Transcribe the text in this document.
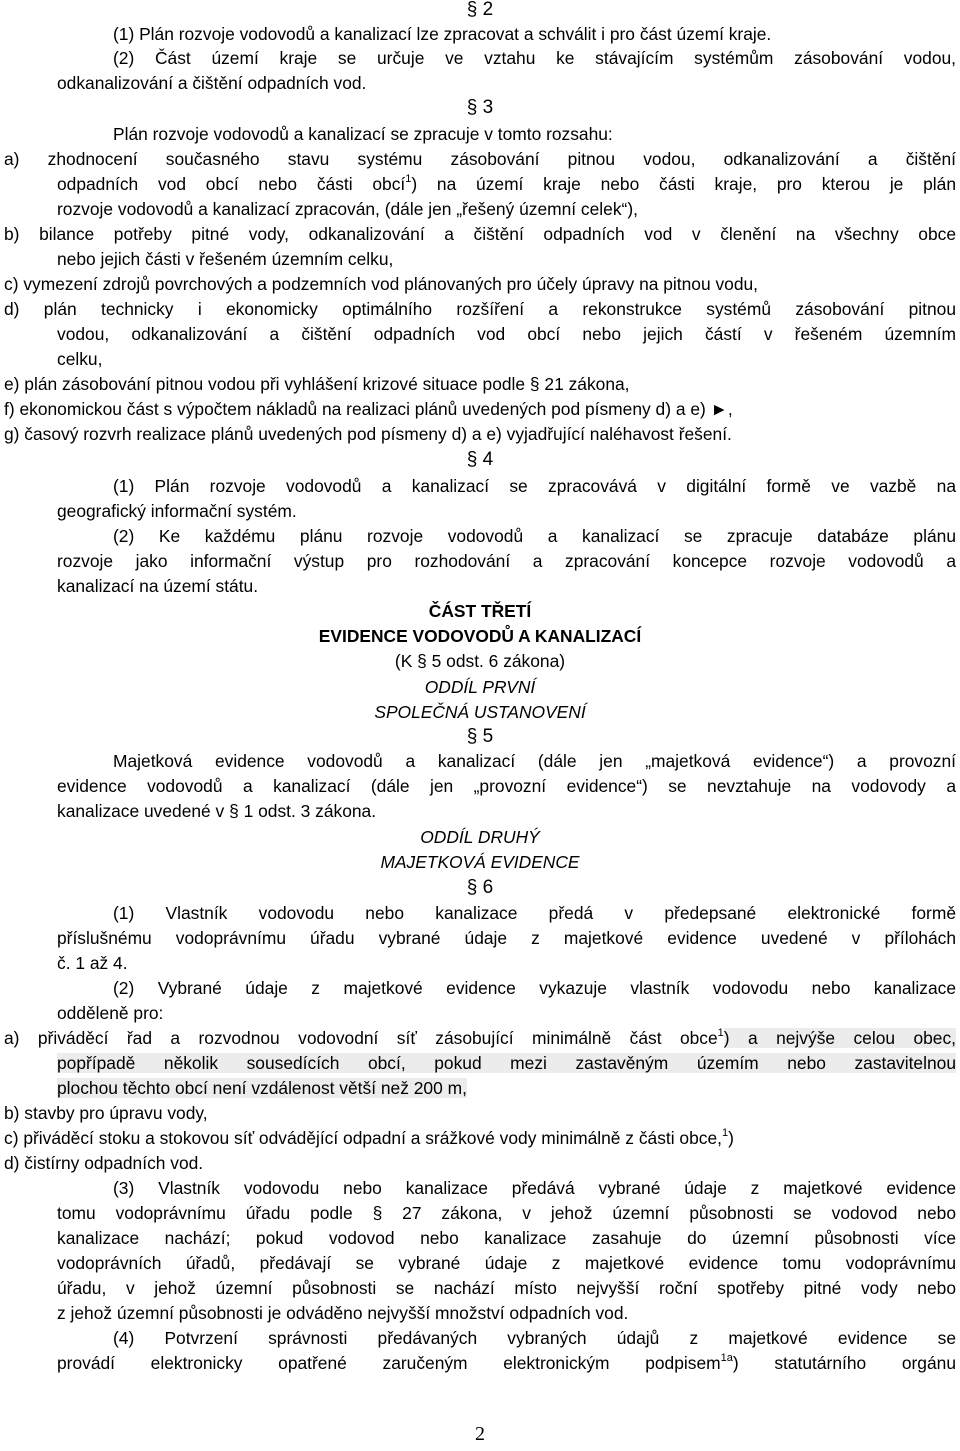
§ 2
(1) Plán rozvoje vodovodů a kanalizací lze zpracovat a schválit i pro část území kraje.
(2) Část území kraje se určuje ve vztahu ke stávajícím systémům zásobování vodou,
odkanalizování a čištění odpadních vod.
§ 3
Plán rozvoje vodovodů a kanalizací se zpracuje v tomto rozsahu:
a) zhodnocení současného stavu systému zásobování pitnou vodou, odkanalizování a čištění
odpadních vod obcí nebo části obcí$^1$) na území kraje nebo části kraje, pro kterou je plán
rozvoje vodovodů a kanalizací zpracován, (dále jen „řešený územní celek“),
b) bilance potřeby pitné vody, odkanalizování a čištění odpadních vod v členění na všechny obce
nebo jejich části v řešeném územním celku,
c) vymezení zdrojů povrchových a podzemních vod plánovaných pro účely úpravy na pitnou vodu,
d) plán technicky i ekonomicky optimálního rozšíření a rekonstrukce systémů zásobování pitnou
vodou, odkanalizování a čištění odpadních vod obcí nebo jejich částí v řešeném územním
celku,
e) plán zásobování pitnou vodou při vyhlášení krizové situace podle § 21 zákona,
f) ekonomickou část s výpočtem nákladů na realizaci plánů uvedených pod písmeny d) a e) ►,
g) časový rozvrh realizace plánů uvedených pod písmeny d) a e) vyjadřující naléhavost řešení.
§ 4
(1) Plán rozvoje vodovodů a kanalizací se zpracovává v digitální formě ve vazbě na
geografický informační systém.
(2) Ke každému plánu rozvoje vodovodů a kanalizací se zpracuje databáze plánu
rozvoje jako informační výstup pro rozhodování a zpracování koncepce rozvoje vodovodů a
kanalizací na území státu.
ČÁST TŘETÍ
EVIDENCE VODOVODŮ A KANALIZACÍ
(K § 5 odst. 6 zákona)
ODDÍL PRVNÍ
SPOLEČNÁ USTANOVENÍ
§ 5
Majetková evidence vodovodů a kanalizací (dále jen „majetková evidence“) a provozní
evidence vodovodů a kanalizací (dále jen „provozní evidence“) se nevztahuje na vodovody a
kanalizace uvedené v § 1 odst. 3 zákona.
ODDÍL DRUHÝ
MAJETKOVÁ EVIDENCE
§ 6
(1) Vlastník vodovodu nebo kanalizace předá v předepsané elektronické formě
příslušnému vodoprávnímu úřadu vybrané údaje z majetkové evidence uvedené v přílohách
č. 1 až 4.
(2) Vybrané údaje z majetkové evidence vykazuje vlastník vodovodu nebo kanalizace
odděleně pro:
a) přiváděcí řad a rozvodnou vodovodní síť zásobující minimálně část obce$^1$) a nejvýše celou obec,
popřípadě několik sousedících obcí, pokud mezi zastavěným územím nebo zastavitelnou
plochou těchto obcí není vzdálenost větší než 200 m,
b) stavby pro úpravu vody,
c) přiváděcí stoku a stokovou síť odvádějící odpadní a srážkové vody minimálně z části obce,$^1$)
d) čistírny odpadních vod.
(3) Vlastník vodovodu nebo kanalizace předává vybrané údaje z majetkové evidence
tomu vodoprávnímu úřadu podle § 27 zákona, v jehož územní působnosti se vodovod nebo
kanalizace nachází; pokud vodovod nebo kanalizace zasahuje do územní působnosti více
vodoprávních úřadů, předávají se vybrané údaje z majetkové evidence tomu vodoprávnímu
úřadu, v jehož územní působnosti se nachází místo nejvyšší roční spotřeby pitné vody nebo
z jehož územní působnosti je odváděno nejvyšší množství odpadních vod.
(4) Potvrzení správnosti předávaných vybraných údajů z majetkové evidence se
provádí elektronicky opatřené zaručeným elektronickým podpisem$^{1a}$) statutárního orgánu
2
